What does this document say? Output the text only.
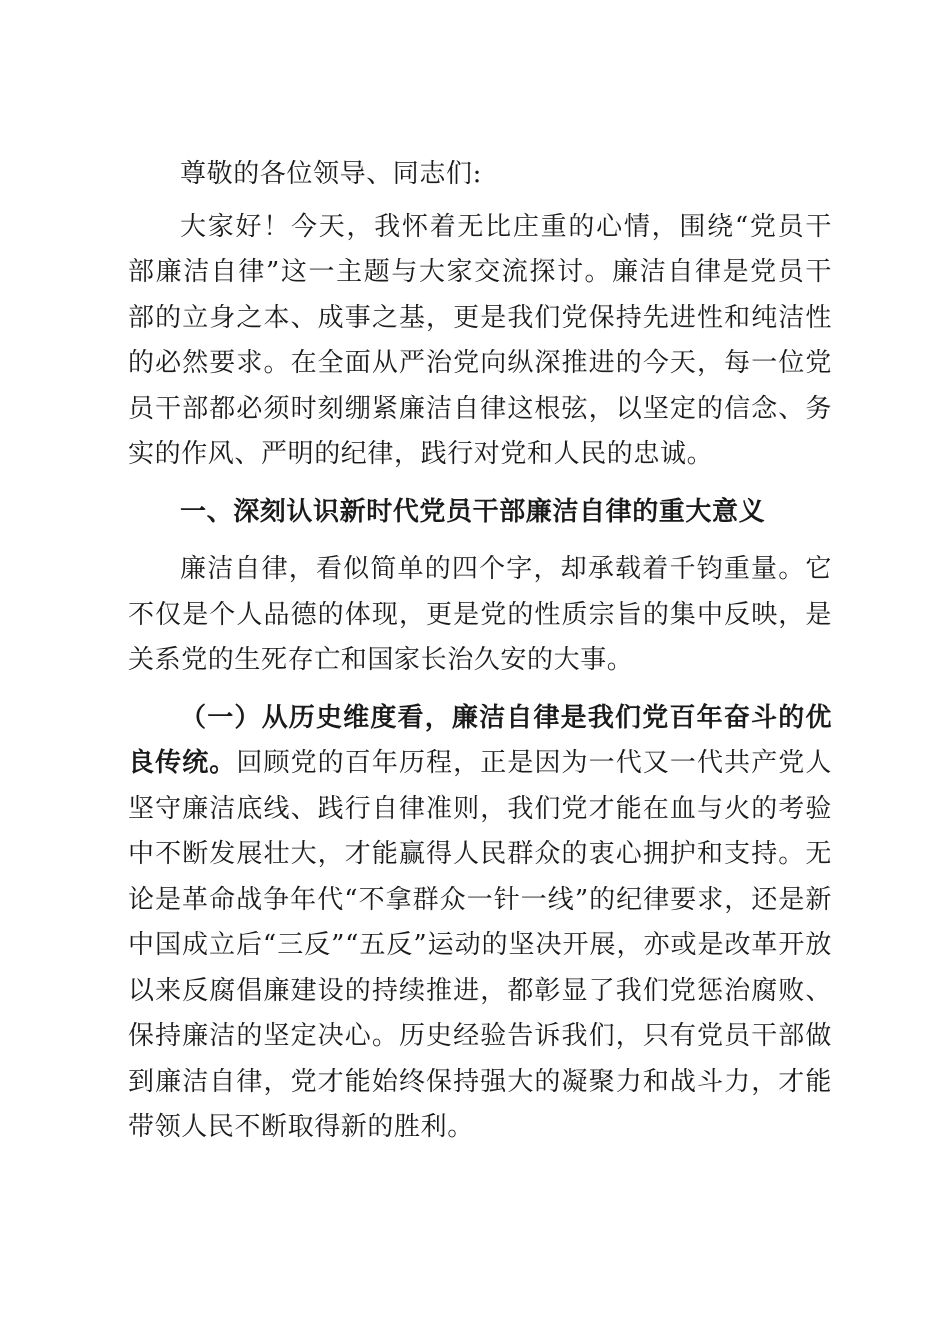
尊敬的各位领导、同志们:

大家好！今天，我怀着无比庄重的心情，围绕“党员干部廉洁自律”这一主题与大家交流探讨。廉洁自律是党员干部的立身之本、成事之基，更是我们党保持先进性和纯洁性的必然要求。在全面从严治党向纵深推进的今天，每一位党员干部都必须时刻绷紧廉洁自律这根弦，以坚定的信念、务实的作风、严明的纪律，践行对党和人民的忠诚。

一、深刻认识新时代党员干部廉洁自律的重大意义

廉洁自律，看似简单的四个字，却承载着千钧重量。它不仅是个人品德的体现，更是党的性质宗旨的集中反映，是关系党的生死存亡和国家长治久安的大事。

（一）从历史维度看，廉洁自律是我们党百年奋斗的优良传统。回顾党的百年历程，正是因为一代又一代共产党人坚守廉洁底线、践行自律准则，我们党才能在血与火的考验中不断发展壮大，才能赢得人民群众的衷心拥护和支持。无论是革命战争年代“不拿群众一针一线”的纪律要求，还是新中国成立后“三反”“五反”运动的坚决开展，亦或是改革开放以来反腐倡廉建设的持续推进，都彰显了我们党惩治腐败、保持廉洁的坚定决心。历史经验告诉我们，只有党员干部做到廉洁自律，党才能始终保持强大的凝聚力和战斗力，才能带领人民不断取得新的胜利。
